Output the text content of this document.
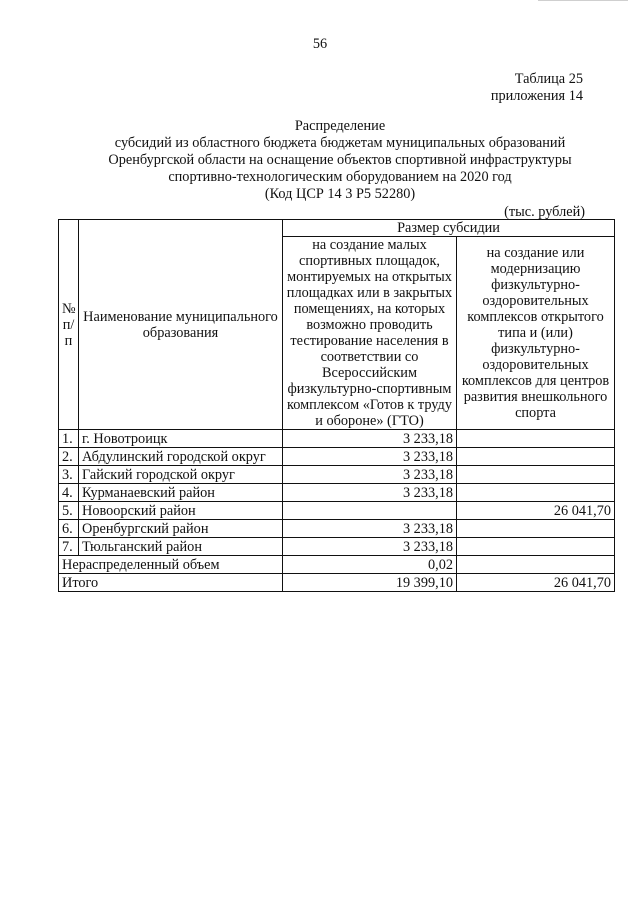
56
Таблица 25
приложения 14
Распределение
субсидий из областного бюджета бюджетам муниципальных образований
Оренбургской области на оснащение объектов спортивной инфраструктуры
спортивно-технологическим оборудованием на 2020 год
(Код ЦСР 14 3 P5 52280)
(тыс. рублей)
№ п/п	Наименование муниципального образования	Размер субсидии	
		на создание малых спортивных площадок, монтируемых на открытых площадках или в закрытых помещениях, на которых возможно проводить тестирование населения в соответствии со Всероссийским физкультурно-спортивным комплексом «Готов к труду и обороне» (ГТО)	на создание или модернизацию физкультурно-оздоровительных комплексов открытого типа и (или) физкультурно-оздоровительных комплексов для центров развития внешкольного спорта
1.	г. Новотроицк	3 233,18	
2.	Абдулинский городской округ	3 233,18	
3.	Гайский городской округ	3 233,18	
4.	Курманаевский район	3 233,18	
5.	Новоорский район		26 041,70
6.	Оренбургский район	3 233,18	
7.	Тюльганский район	3 233,18	
Нераспределенный объем		0,02	
Итого		19 399,10	26 041,70
